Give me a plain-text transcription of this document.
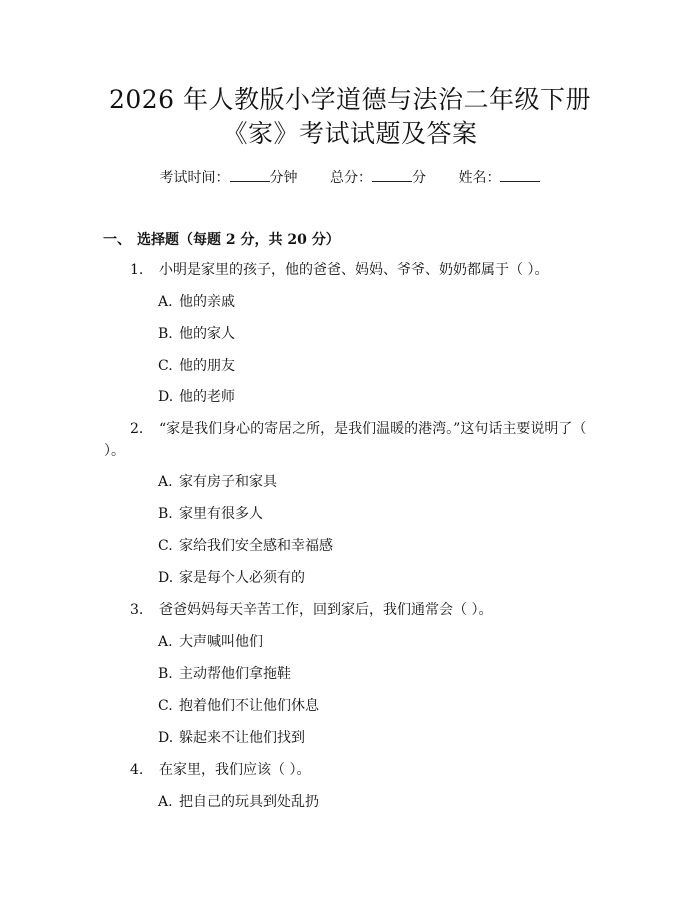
2026 年人教版小学道德与法治二年级下册
《家》考试试题及答案
考试时间：	分钟 总分：	分 姓名：
一、 选择题（每题 2 分，共 20 分）
1. 小明是家里的孩子，他的爸爸、妈妈、爷爷、奶奶都属于（ ）。
A. 他的亲戚
B. 他的家人
C. 他的朋友
D. 他的老师
2. “家是我们身心的寄居之所，是我们温暖的港湾。”这句话主要说明了（ ）。
A. 家有房子和家具
B. 家里有很多人
C. 家给我们安全感和幸福感
D. 家是每个人必须有的
3. 爸爸妈妈每天辛苦工作，回到家后，我们通常会（ ）。
A. 大声喊叫他们
B. 主动帮他们拿拖鞋
C. 抱着他们不让他们休息
D. 躲起来不让他们找到
4. 在家里，我们应该（ ）。
A. 把自己的玩具到处乱扔
